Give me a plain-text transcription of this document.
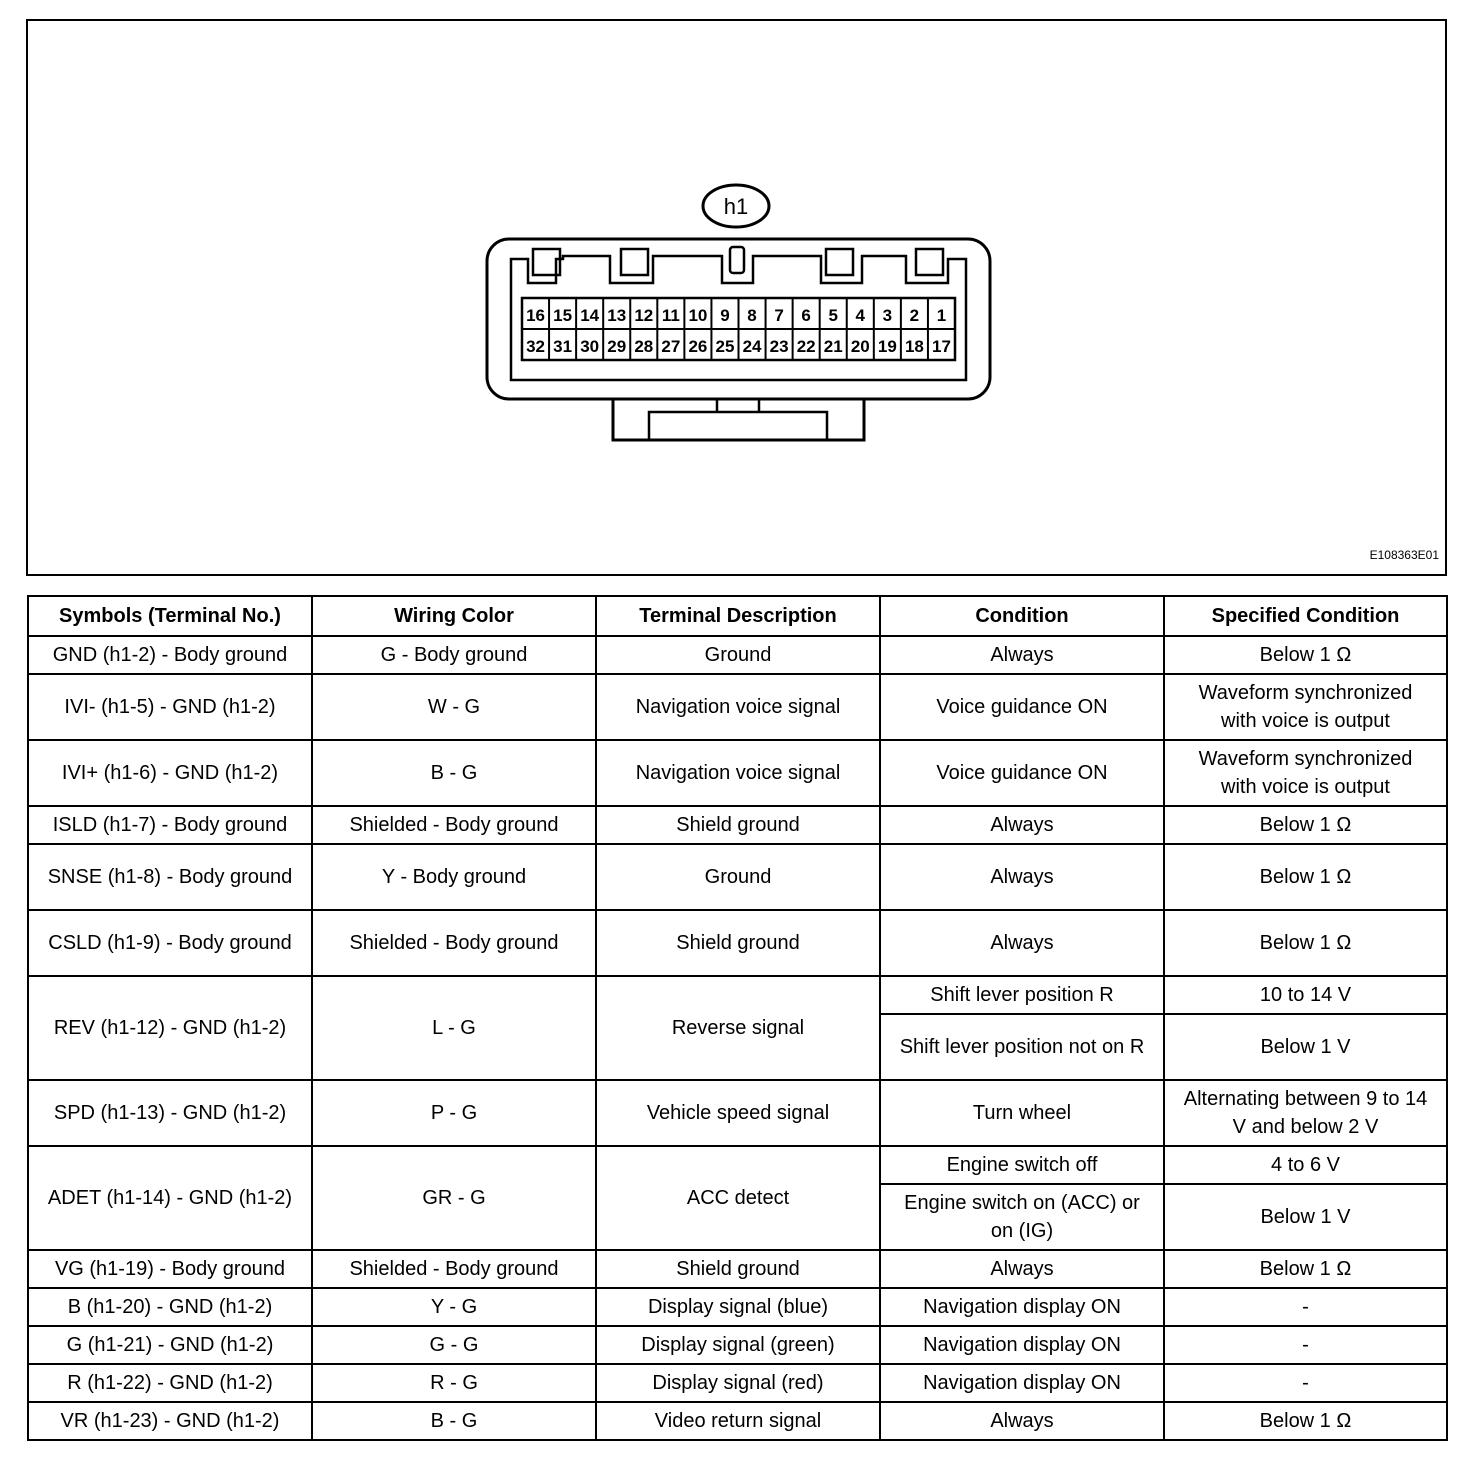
h1
16 15 14 13 12 11 10 9 8 7 6 5 4 3 2 1
32 31 30 29 28 27 26 25 24 23 22 21 20 19 18 17
E108363E01
Symbols (Terminal No.)	Wiring Color	Terminal Description	Condition	Specified Condition
GND (h1-2) - Body ground	G - Body ground	Ground	Always	Below 1 Ω
IVI- (h1-5) - GND (h1-2)	W - G	Navigation voice signal	Voice guidance ON	Waveform synchronized with voice is output
IVI+ (h1-6) - GND (h1-2)	B - G	Navigation voice signal	Voice guidance ON	Waveform synchronized with voice is output
ISLD (h1-7) - Body ground	Shielded - Body ground	Shield ground	Always	Below 1 Ω
SNSE (h1-8) - Body ground	Y - Body ground	Ground	Always	Below 1 Ω
CSLD (h1-9) - Body ground	Shielded - Body ground	Shield ground	Always	Below 1 Ω
REV (h1-12) - GND (h1-2)	L - G	Reverse signal	Shift lever position R	10 to 14 V
			Shift lever position not on R	Below 1 V
SPD (h1-13) - GND (h1-2)	P - G	Vehicle speed signal	Turn wheel	Alternating between 9 to 14 V and below 2 V
ADET (h1-14) - GND (h1-2)	GR - G	ACC detect	Engine switch off	4 to 6 V
			Engine switch on (ACC) or on (IG)	Below 1 V
VG (h1-19) - Body ground	Shielded - Body ground	Shield ground	Always	Below 1 Ω
B (h1-20) - GND (h1-2)	Y - G	Display signal (blue)	Navigation display ON	-
G (h1-21) - GND (h1-2)	G - G	Display signal (green)	Navigation display ON	-
R (h1-22) - GND (h1-2)	R - G	Display signal (red)	Navigation display ON	-
VR (h1-23) - GND (h1-2)	B - G	Video return signal	Always	Below 1 Ω
